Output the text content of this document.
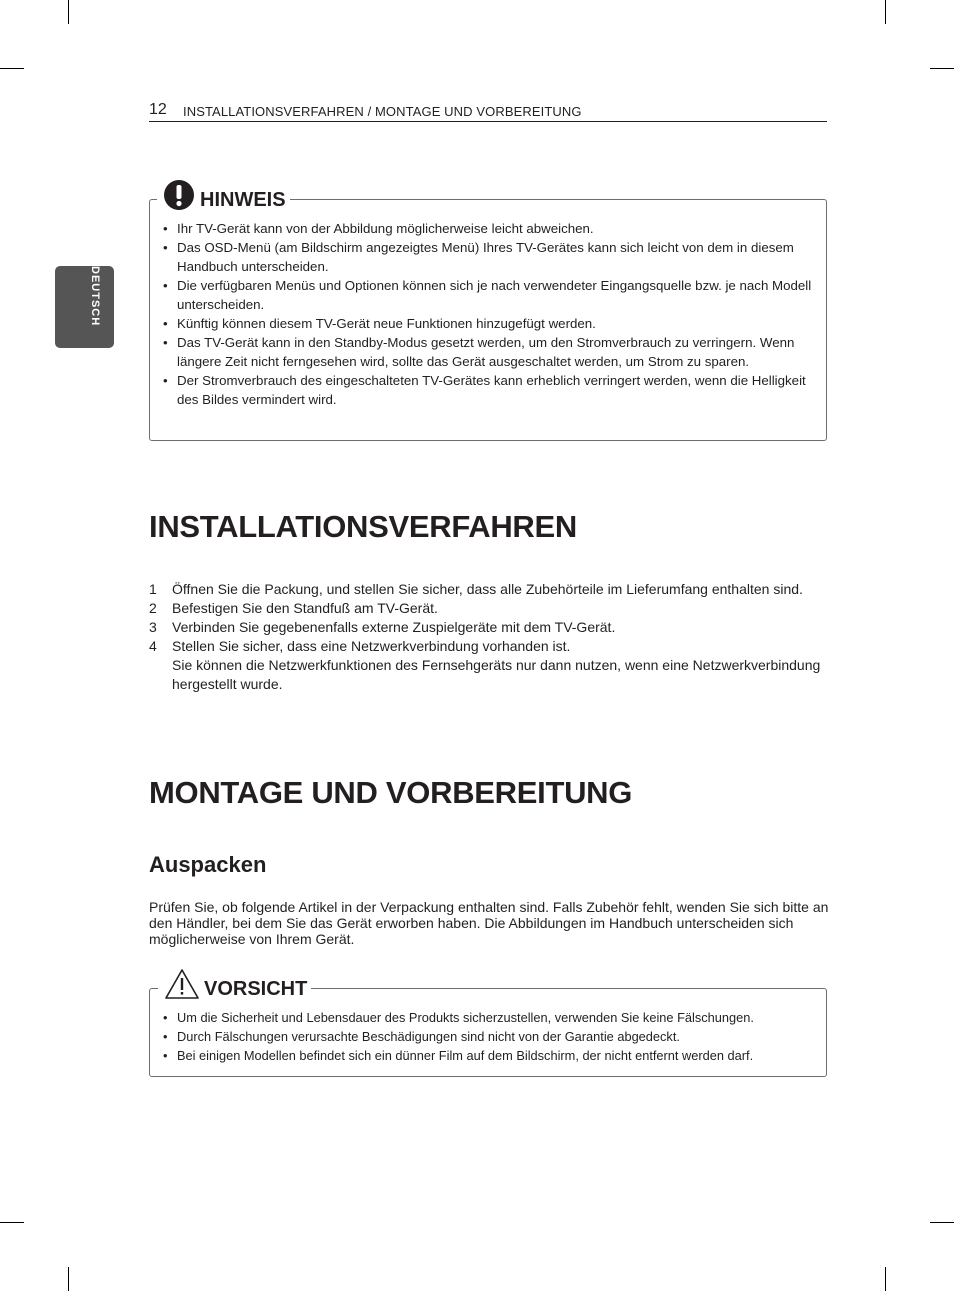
12 INSTALLATIONSVERFAHREN / MONTAGE UND VORBEREITUNG
DEUTSCH
• Ihr TV-Gerät kann von der Abbildung möglicherweise leicht abweichen.
• Das OSD-Menü (am Bildschirm angezeigtes Menü) Ihres TV-Gerätes kann sich leicht von dem in diesem Handbuch unterscheiden.
• Die verfügbaren Menüs und Optionen können sich je nach verwendeter Eingangsquelle bzw. je nach Modell unterscheiden.
• Künftig können diesem TV-Gerät neue Funktionen hinzugefügt werden.
• Das TV-Gerät kann in den Standby-Modus gesetzt werden, um den Stromverbrauch zu verringern. Wenn längere Zeit nicht ferngesehen wird, sollte das Gerät ausgeschaltet werden, um Strom zu sparen.
• Der Stromverbrauch des eingeschalteten TV-Gerätes kann erheblich verringert werden, wenn die Helligkeit des Bildes vermindert wird.
HINWEIS
INSTALLATIONSVERFAHREN
1 Öffnen Sie die Packung, und stellen Sie sicher, dass alle Zubehörteile im Lieferumfang enthalten sind.
2 Befestigen Sie den Standfuß am TV-Gerät.
3 Verbinden Sie gegebenenfalls externe Zuspielgeräte mit dem TV-Gerät.
4 Stellen Sie sicher, dass eine Netzwerkverbindung vorhanden ist.
Sie können die Netzwerkfunktionen des Fernsehgeräts nur dann nutzen, wenn eine Netzwerkverbindung hergestellt wurde.
MONTAGE UND VORBEREITUNG
Auspacken

Prüfen Sie, ob folgende Artikel in der Verpackung enthalten sind. Falls Zubehör fehlt, wenden Sie sich bitte an den Händler, bei dem Sie das Gerät erworben haben. Die Abbildungen im Handbuch unterscheiden sich möglicherweise von Ihrem Gerät.

• Um die Sicherheit und Lebensdauer des Produkts sicherzustellen, verwenden Sie keine Fälschungen.
• Durch Fälschungen verursachte Beschädigungen sind nicht von der Garantie abgedeckt.
• Bei einigen Modellen befindet sich ein dünner Film auf dem Bildschirm, der nicht entfernt werden darf.
VORSICHT
